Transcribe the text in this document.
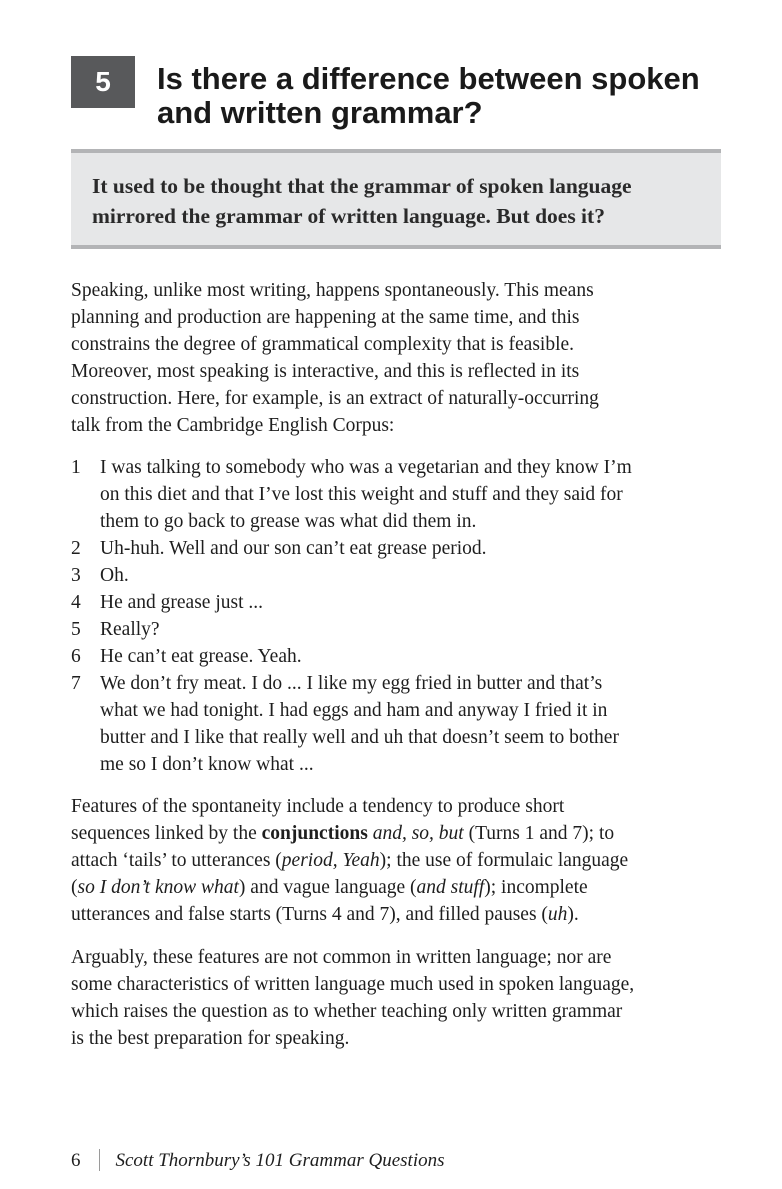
5	Is there a difference between spoken
and written grammar?
It used to be thought that the grammar of spoken language
mirrored the grammar of written language. But does it?

Speaking, unlike most writing, happens spontaneously. This means
planning and production are happening at the same time, and this
constrains the degree of grammatical complexity that is feasible.
Moreover, most speaking is interactive, and this is reflected in its
construction. Here, for example, is an extract of naturally-occurring
talk from the Cambridge English Corpus:

1 I was talking to somebody who was a vegetarian and they know I’m
on this diet and that I’ve lost this weight and stuff and they said for
them to go back to grease was what did them in.
2 Uh-huh. Well and our son can’t eat grease period.
3 Oh.
4 He and grease just ...
5 Really?
6 He can’t eat grease. Yeah.
7 We don’t fry meat. I do ... I like my egg fried in butter and that’s
what we had tonight. I had eggs and ham and anyway I fried it in
butter and I like that really well and uh that doesn’t seem to bother
me so I don’t know what ...

Features of the spontaneity include a tendency to produce short
sequences linked by the conjunctions and, so, but (Turns 1 and 7); to
attach ‘tails’ to utterances (period, Yeah); the use of formulaic language
(so I don’t know what) and vague language (and stuff); incomplete
utterances and false starts (Turns 4 and 7), and filled pauses (uh).

Arguably, these features are not common in written language; nor are
some characteristics of written language much used in spoken language,
which raises the question as to whether teaching only written grammar
is the best preparation for speaking.

6 Scott Thornbury’s 101 Grammar Questions
